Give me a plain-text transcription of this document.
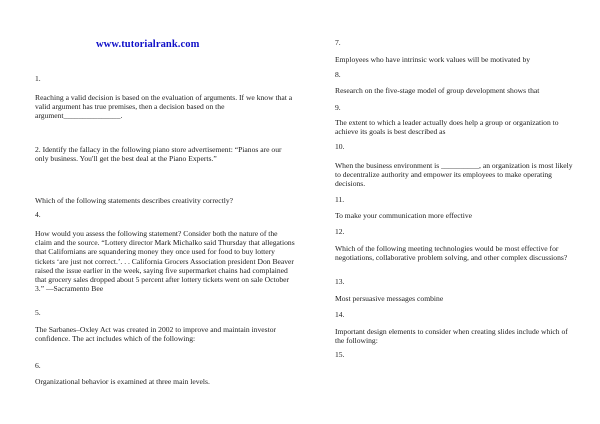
www.tutorialrank.com
1.
Reaching a valid decision is based on the evaluation of arguments. If we know that a valid argument has true premises, then a decision based on the argument_______________.
2. Identify the fallacy in the following piano store advertisement: “Pianos are our only business. You'll get the best deal at the Piano Experts.”
Which of the following statements describes creativity correctly?
4.
How would you assess the following statement? Consider both the nature of the claim and the source. “Lottery director Mark Michalko said Thursday that allegations that Californians are squandering money they once used for food to buy lottery tickets ‘are just not correct.’. . . California Grocers Association president Don Beaver raised the issue earlier in the week, saying five supermarket chains had complained that grocery sales dropped about 5 percent after lottery tickets went on sale October 3.” —Sacramento Bee
5.
The Sarbanes–Oxley Act was created in 2002 to improve and maintain investor confidence. The act includes which of the following:
6.
Organizational behavior is examined at three main levels.
7.
Employees who have intrinsic work values will be motivated by
8.
Research on the five-stage model of group development shows that
9.
The extent to which a leader actually does help a group or organization to achieve its goals is best described as
10.
When the business environment is __________, an organization is most likely to decentralize authority and empower its employees to make operating decisions.
11.
To make your communication more effective
12.
Which of the following meeting technologies would be most effective for negotiations, collaborative problem solving, and other complex discussions?
13.
Most persuasive messages combine
14.
Important design elements to consider when creating slides include which of the following:
15.
